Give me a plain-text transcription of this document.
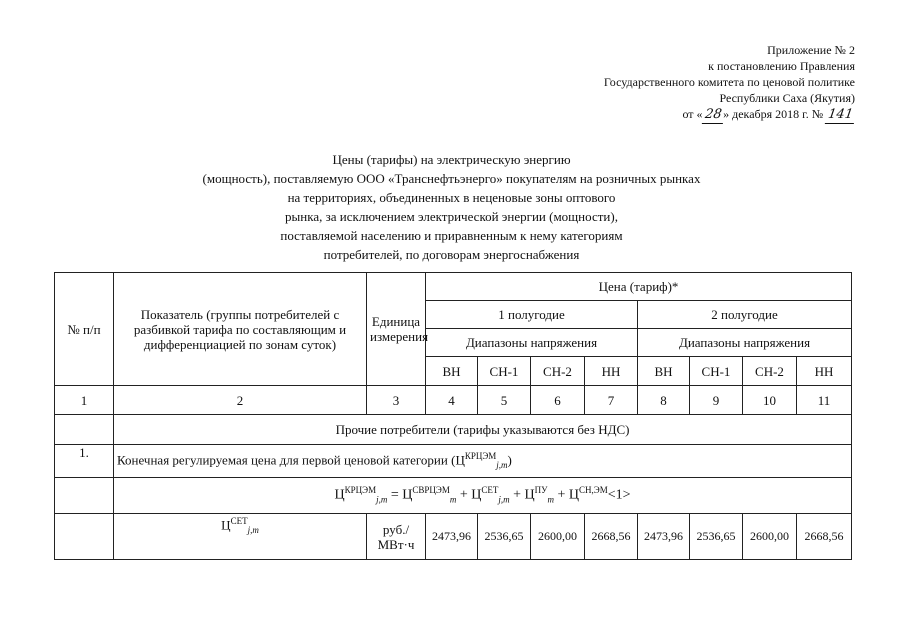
Приложение № 2
к постановлению Правления
Государственного комитета по ценовой политике
Республики Саха (Якутия)
от «28» декабря 2018 г. № 141
Цены (тарифы) на электрическую энергию
(мощность), поставляемую ООО «Транснефтьэнерго» покупателям на розничных рынках
на территориях, объединенных в неценовые зоны оптового
рынка, за исключением электрической энергии (мощности),
поставляемой населению и приравненным к нему категориям
потребителей, по договорам энергоснабжения
№ п/п	Показатель (группы потребителей с разбивкой тарифа по составляющим и дифференциацией по зонам суток)	Единица измерения	Цена (тариф)*							
			1 полугодие				2 полугодие			
			Диапазоны напряжения				Диапазоны напряжения			
			ВН	СН-1	СН-2	НН	ВН	СН-1	СН-2	НН
1	2	3	4	5	6	7	8	9	10	11
	Прочие потребители (тарифы указываются без НДС)									
1.	Конечная регулируемая цена для первой ценовой категории $(Ц^{КРЦЭМ}_{j,m})$									
	$Ц^{КРЦЭМ}_{j,m} = Ц^{СВРЦЭМ}_m + Ц^{СЕТ}_{j,m} + Ц^{ПУ}_m + Ц^{СН,ЭМ}<1>$									
	$Ц^{СЕТ}_{j,m}$	руб./МВт·ч	2473,96	2536,65	2600,00	2668,56	2473,96	2536,65	2600,00	2668,56
